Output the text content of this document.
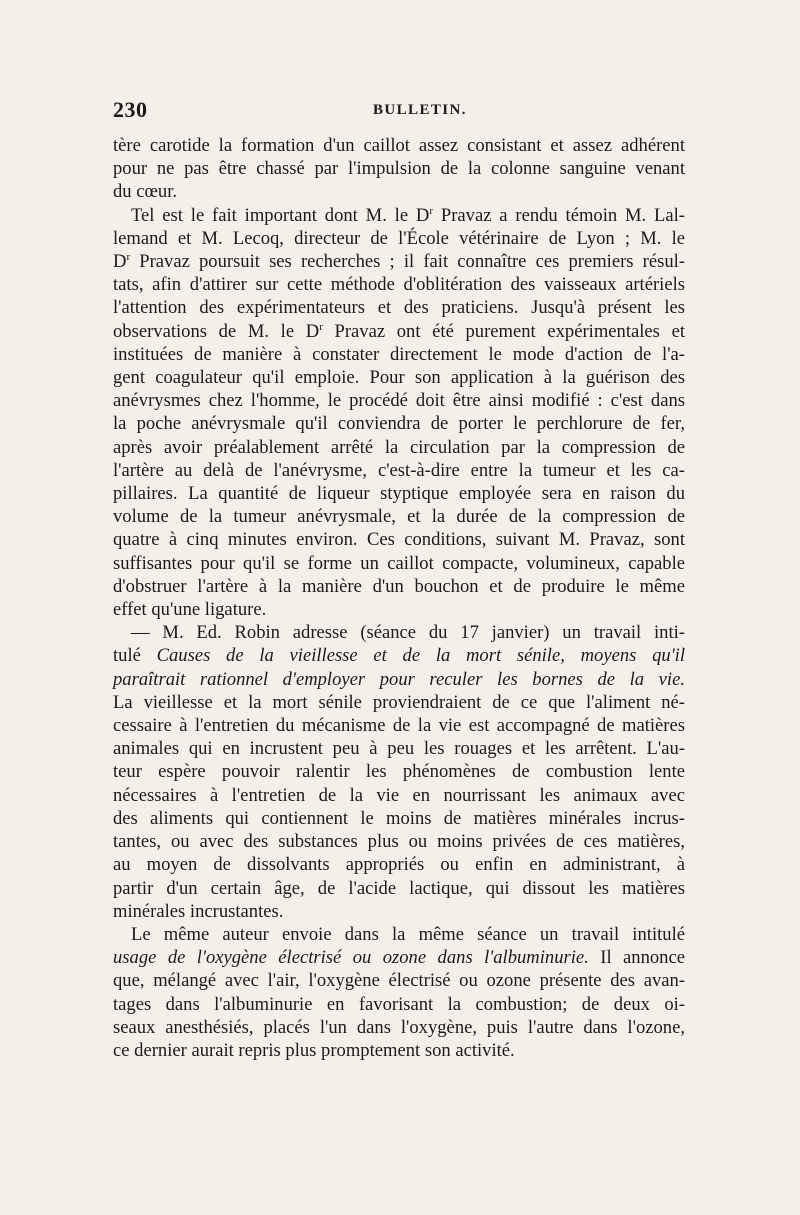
230	BULLETIN.
tère carotide la formation d'un caillot assez consistant et assez adhérent
pour ne pas être chassé par l'impulsion de la colonne sanguine venant
du cœur.
Tel est le fait important dont M. le $D^r$ Pravaz a rendu témoin M. Lal-
lemand et M. Lecoq, directeur de l'École vétérinaire de Lyon ; M. le
$D^r$ Pravaz poursuit ses recherches ; il fait connaître ces premiers résul-
tats, afin d'attirer sur cette méthode d'oblitération des vaisseaux artériels
l'attention des expérimentateurs et des praticiens. Jusqu'à présent les
observations de M. le $D^r$ Pravaz ont été purement expérimentales et
instituées de manière à constater directement le mode d'action de l'a-
gent coagulateur qu'il emploie. Pour son application à la guérison des
anévrysmes chez l'homme, le procédé doit être ainsi modifié : c'est dans
la poche anévrysmale qu'il conviendra de porter le perchlorure de fer,
après avoir préalablement arrêté la circulation par la compression de
l'artère au delà de l'anévrysme, c'est-à-dire entre la tumeur et les ca-
pillaires. La quantité de liqueur styptique employée sera en raison du
volume de la tumeur anévrysmale, et la durée de la compression de
quatre à cinq minutes environ. Ces conditions, suivant M. Pravaz, sont
suffisantes pour qu'il se forme un caillot compacte, volumineux, capable
d'obstruer l'artère à la manière d'un bouchon et de produire le même
effet qu'une ligature.
— M. Ed. Robin adresse (séance du 17 janvier) un travail inti-
tulé Causes de la vieillesse et de la mort sénile, moyens qu'il
paraîtrait rationnel d'employer pour reculer les bornes de la vie.
La vieillesse et la mort sénile proviendraient de ce que l'aliment né-
cessaire à l'entretien du mécanisme de la vie est accompagné de matières
animales qui en incrustent peu à peu les rouages et les arrêtent. L'au-
teur espère pouvoir ralentir les phénomènes de combustion lente
nécessaires à l'entretien de la vie en nourrissant les animaux avec
des aliments qui contiennent le moins de matières minérales incrus-
tantes, ou avec des substances plus ou moins privées de ces matières,
au moyen de dissolvants appropriés ou enfin en administrant, à
partir d'un certain âge, de l'acide lactique, qui dissout les matières
minérales incrustantes.
Le même auteur envoie dans la même séance un travail intitulé
usage de l'oxygène électrisé ou ozone dans l'albuminurie. Il annonce
que, mélangé avec l'air, l'oxygène électrisé ou ozone présente des avan-
tages dans l'albuminurie en favorisant la combustion; de deux oi-
seaux anesthésiés, placés l'un dans l'oxygène, puis l'autre dans l'ozone,
ce dernier aurait repris plus promptement son activité.
